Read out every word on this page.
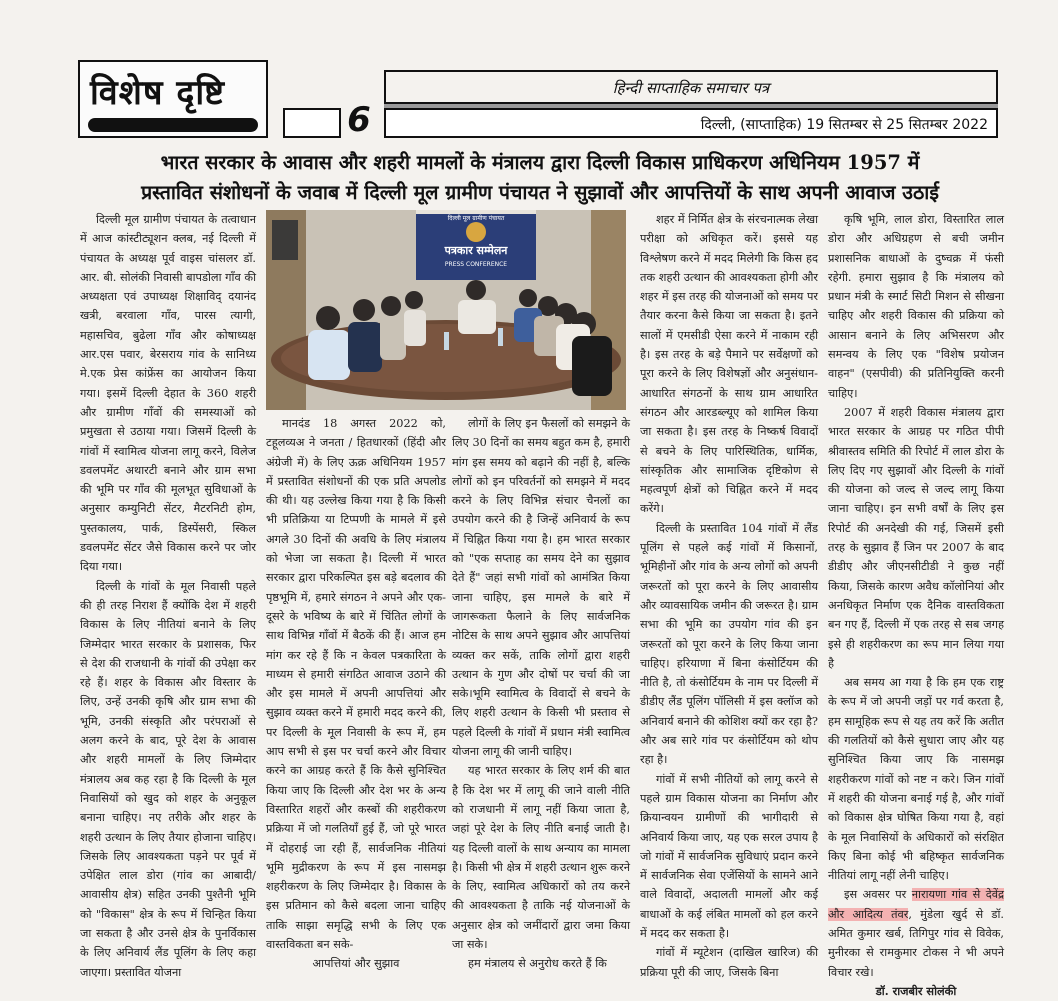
विशेष दृष्टि
6
हिन्दी साप्ताहिक समाचार पत्र
दिल्ली, (साप्ताहिक) 19 सितम्बर से 25 सितम्बर 2022
भारत सरकार के आवास और शहरी मामलों के मंत्रालय द्वारा दिल्ली विकास प्राधिकरण अधिनियम 1957 में
प्रस्तावित संशोधनों के जवाब में दिल्ली मूल ग्रामीण पंचायत ने सुझावों और आपत्तियों के साथ अपनी आवाज उठाई
दिल्ली मूल ग्रामीण पंचायत
पत्रकार सम्मेलन
PRESS CONFERENCE

दिल्ली मूल ग्रामीण पंचायत के तत्वाधान में आज कांस्टीट्यूशन क्लब, नई दिल्ली में पंचायत के अध्यक्ष पूर्व वाइस चांसलर डॉ. आर. बी. सोलंकी निवासी बापडोला गाँव की अध्यक्षता एवं उपाध्यक्ष शिक्षाविद् दयानंद खत्री, बरवाला गाँव, पारस त्यागी, महासचिव, बुढेला गाँव और कोषाध्यक्ष आर.एस पवार, बेरसराय गांव के सानिध्य मे.एक प्रेस कांफ्रेंस का आयोजन किया गया। इसमें दिल्ली देहात के 360 शहरी और ग्रामीण गाँवों की समस्याओं को प्रमुखता से उठाया गया। जिसमें दिल्ली के गांवों में स्वामित्व योजना लागू करने, विलेज डवलपमेंट अथारटी बनाने और ग्राम सभा की भूमि पर गाँव की मूलभूत सुविधाओं के अनुसार कम्युनिटी सेंटर, मैटरनिटी होम, पुस्तकालय, पार्क, डिस्पेंसरी, स्किल डवलपमेंट सेंटर जैसे विकास करने पर जोर दिया गया।

दिल्ली के गांवों के मूल निवासी पहले की ही तरह निराश हैं क्योंकि देश में शहरी विकास के लिए नीतियां बनाने के लिए जिम्मेदार भारत सरकार के प्रशासक, फिर से देश की राजधानी के गांवों की उपेक्षा कर रहे हैं। शहर के विकास और विस्तार के लिए, उन्हें उनकी कृषि और ग्राम सभा की भूमि, उनकी संस्कृति और परंपराओं से अलग करने के बाद, पूरे देश के आवास और शहरी मामलों के लिए जिम्मेदार मंत्रालय अब कह रहा है कि दिल्ली के मूल निवासियों को खुद को शहर के अनुकूल बनाना चाहिए। नए तरीके और शहर के शहरी उत्थान के लिए तैयार होजाना चाहिए। जिसके लिए आवश्यकता पड़ने पर पूर्व में उपेक्षित लाल डोरा (गांव का आबादी/आवासीय क्षेत्र) सहित उनकी पुश्तैनी भूमि को "विकास" क्षेत्र के रूप में चिन्हित किया जा सकता है और उनसे क्षेत्र के पुनर्विकास के लिए अनिवार्य लैंड पूलिंग के लिए कहा जाएगा। प्रस्तावित योजना

मानदंड 18 अगस्त 2022 को, टहूलव्यअ ने जनता / हितधारकों (हिंदी और अंग्रेजी में) के लिए ऊक्र अधिनियम 1957 में प्रस्तावित संशोधनों की एक प्रति अपलोड की थी। यह उल्लेख किया गया है कि किसी भी प्रतिक्रिया या टिप्पणी के मामले में इसे अगले 30 दिनों की अवधि के लिए मंत्रालय को भेजा जा सकता है। दिल्ली में भारत सरकार द्वारा परिकल्पित इस बड़े बदलाव की पृष्ठभूमि में, हमारे संगठन ने अपने और एक-दूसरे के भविष्य के बारे में चिंतित लोगों के साथ विभिन्न गाँवों में बैठकें की हैं। आज हम मांग कर रहे हैं कि न केवल पत्रकारिता के माध्यम से हमारी संगठित आवाज उठाने की और इस मामले में अपनी आपत्तियां और सुझाव व्यक्त करने में हमारी मदद करने की, पर दिल्ली के मूल निवासी के रूप में, हम आप सभी से इस पर चर्चा करने और विचार करने का आग्रह करते हैं कि कैसे सुनिश्चित किया जाए कि दिल्ली और देश भर के अन्य विस्तारित शहरों और कस्बों की शहरीकरण प्रक्रिया में जो गलतियाँ हुई हैं, जो पूरे भारत में दोहराई जा रही हैं, सार्वजनिक नीतियां भूमि मुद्रीकरण के रूप में इस नासमझ शहरीकरण के लिए जिम्मेदार है। विकास के इस प्रतिमान को कैसे बदला जाना चाहिए ताकि साझा समृद्धि सभी के लिए एक वास्तविकता बन सके-

आपत्तियां और सुझाव

लोगों के लिए इन फैसलों को समझने के लिए 30 दिनों का समय बहुत कम है, हमारी मांग इस समय को बढ़ाने की नहीं है, बल्कि लोगों को इन परिवर्तनों को समझने में मदद करने के लिए विभिन्न संचार चैनलों का उपयोग करने की है जिन्हें अनिवार्य के रूप में चिह्नित किया गया है। हम भारत सरकार को "एक सप्ताह का समय देने का सुझाव देते हैं" जहां सभी गांवों को आमंत्रित किया जाना चाहिए, इस मामले के बारे में जागरूकता फैलाने के लिए सार्वजनिक नोटिस के साथ अपने सुझाव और आपत्तियां व्यक्त कर सकें, ताकि लोगों द्वारा शहरी उत्थान के गुण और दोषों पर चर्चा की जा सके।भूमि स्वामित्व के विवादों से बचने के लिए शहरी उत्थान के किसी भी प्रस्ताव से पहले दिल्ली के गांवों में प्रधान मंत्री स्वामित्व योजना लागू की जानी चाहिए।

यह भारत सरकार के लिए शर्म की बात है कि देश भर में लागू की जाने वाली नीति को राजधानी में लागू नहीं किया जाता है, जहां पूरे देश के लिए नीति बनाई जाती है। यह दिल्ली वालों के साथ अन्याय का मामला है। किसी भी क्षेत्र में शहरी उत्थान शुरू करने के लिए, स्वामित्व अधिकारों को तय करने की आवश्यकता है ताकि नई योजनाओं के अनुसार क्षेत्र को जमींदारों द्वारा जमा किया जा सके।

हम मंत्रालय से अनुरोध करते हैं कि

शहर में निर्मित क्षेत्र के संरचनात्मक लेखा परीक्षा को अधिकृत करें। इससे यह विश्लेषण करने में मदद मिलेगी कि किस हद तक शहरी उत्थान की आवश्यकता होगी और शहर में इस तरह की योजनाओं को समय पर तैयार करना कैसे किया जा सकता है। इतने सालों में एमसीडी ऐसा करने में नाकाम रही है। इस तरह के बड़े पैमाने पर सर्वेक्षणों को पूरा करने के लिए विशेषज्ञों और अनुसंधान-आधारित संगठनों के साथ ग्राम आधारित संगठन और आरडब्ल्यूए को शामिल किया जा सकता है। इस तरह के निष्कर्ष विवादों से बचने के लिए पारिस्थितिक, धार्मिक, सांस्कृतिक और सामाजिक दृष्टिकोण से महत्वपूर्ण क्षेत्रों को चिह्नित करने में मदद करेंगे।

दिल्ली के प्रस्तावित 104 गांवों में लैंड पूलिंग से पहले कई गांवों में किसानों, भूमिहीनों और गांव के अन्य लोगों को अपनी जरूरतों को पूरा करने के लिए आवासीय और व्यावसायिक जमीन की जरूरत है। ग्राम सभा की भूमि का उपयोग गांव की इन जरूरतों को पूरा करने के लिए किया जाना चाहिए। हरियाणा में बिना कंसोर्टियम की नीति है, तो कंसोर्टियम के नाम पर दिल्ली में डीडीए लैंड पूलिंग पॉलिसी में इस क्लॉज को अनिवार्य बनाने की कोशिश क्यों कर रहा है? और अब सारे गांव पर कंसोर्टियम को थोप रहा है।

गांवों में सभी नीतियों को लागू करने से पहले ग्राम विकास योजना का निर्माण और क्रियान्वयन ग्रामीणों की भागीदारी से अनिवार्य किया जाए, यह एक सरल उपाय है जो गांवों में सार्वजनिक सुविधाएं प्रदान करने में सार्वजनिक सेवा एजेंसियों के सामने आने वाले विवादों, अदालती मामलों और कई बाधाओं के कई लंबित मामलों को हल करने में मदद कर सकता है।

गांवों में म्यूटेशन (दाखिल खारिज) की प्रक्रिया पूरी की जाए, जिसके बिना

कृषि भूमि, लाल डोरा, विस्तारित लाल डोरा और अधिग्रहण से बची जमीन प्रशासनिक बाधाओं के दुष्चक्र में फंसी रहेगी. हमारा सुझाव है कि मंत्रालय को प्रधान मंत्री के स्मार्ट सिटी मिशन से सीखना चाहिए और शहरी विकास की प्रक्रिया को आसान बनाने के लिए अभिसरण और समन्वय के लिए एक "विशेष प्रयोजन वाहन" (एसपीवी) की प्रतिनियुक्ति करनी चाहिए।

2007 में शहरी विकास मंत्रालय द्वारा भारत सरकार के आग्रह पर गठित पीपी श्रीवास्तव समिति की रिपोर्ट में लाल डोरा के लिए दिए गए सुझावों और दिल्ली के गांवों की योजना को जल्द से जल्द लागू किया जाना चाहिए। इन सभी वर्षों के लिए इस रिपोर्ट की अनदेखी की गई, जिसमें इसी तरह के सुझाव हैं जिन पर 2007 के बाद डीडीए और जीएनसीटीडी ने कुछ नहीं किया, जिसके कारण अवैध कॉलोनियां और अनधिकृत निर्माण एक दैनिक वास्तविकता बन गए हैं, दिल्ली में एक तरह से सब जगह इसे ही शहरीकरण का रूप मान लिया गया है

अब समय आ गया है कि हम एक राष्ट्र के रूप में जो अपनी जड़ों पर गर्व करता है, हम सामूहिक रूप से यह तय करें कि अतीत की गलतियों को कैसे सुधारा जाए और यह सुनिश्चित किया जाए कि नासमझ शहरीकरण गांवों को नष्ट न करे। जिन गांवों में शहरी की योजना बनाई गई है, और गांवों को विकास क्षेत्र घोषित किया गया है, वहां के मूल निवासियों के अधिकारों को संरक्षित किए बिना कोई भी बहिष्कृत सार्वजनिक नीतियां लागू नहीं लेनी चाहिए।

इस अवसर पर नारायणा गांव से देवेंद्र और आदित्य तंवर, मुंडेला खुर्द से डॉ. अमित कुमार खर्ब, तिगिपुर गांव से विवेक, मुनीरका से रामकुमार टोकस ने भी अपने विचार रखे।

डॉ. राजबीर सोलंकी
